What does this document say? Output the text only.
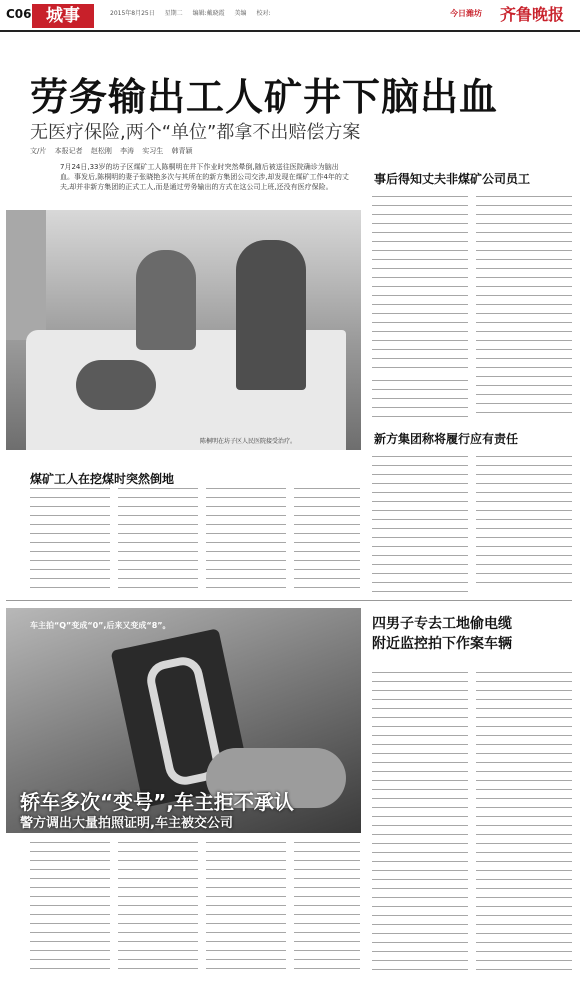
C06 城事	2015年8月25日 星期二 编辑:戴晓霞 美编 校对:	今日潍坊 齐鲁晚报
劳务输出工人矿井下脑出血
无医疗保险,两个“单位”都拿不出赔偿方案
文/片 本报记者 赵松刚 李涛 实习生 韩青颖
7月24日,33岁的坊子区煤矿工人陈桐明在井下作业时突然晕倒,随后被送往医院确诊为脑出血。事发后,陈桐明的妻子张晓艳多次与其所在的新方集团公司交涉,却发现在煤矿工作4年的丈夫,却并非新方集团的正式工人,而是通过劳务输出的方式在这公司上班,还没有医疗保险。
事后得知丈夫非煤矿公司员工
新方集团称将履行应有责任
陈桐明在坊子区人民医院接受治疗。
煤矿工人在挖煤时突然倒地
车主拍“Q”变成“0”,后来又变成“8”。
轿车多次“变号”,车主拒不承认
警方调出大量拍照证明,车主被交公司
四男子专去工地偷电缆
附近监控拍下作案车辆
